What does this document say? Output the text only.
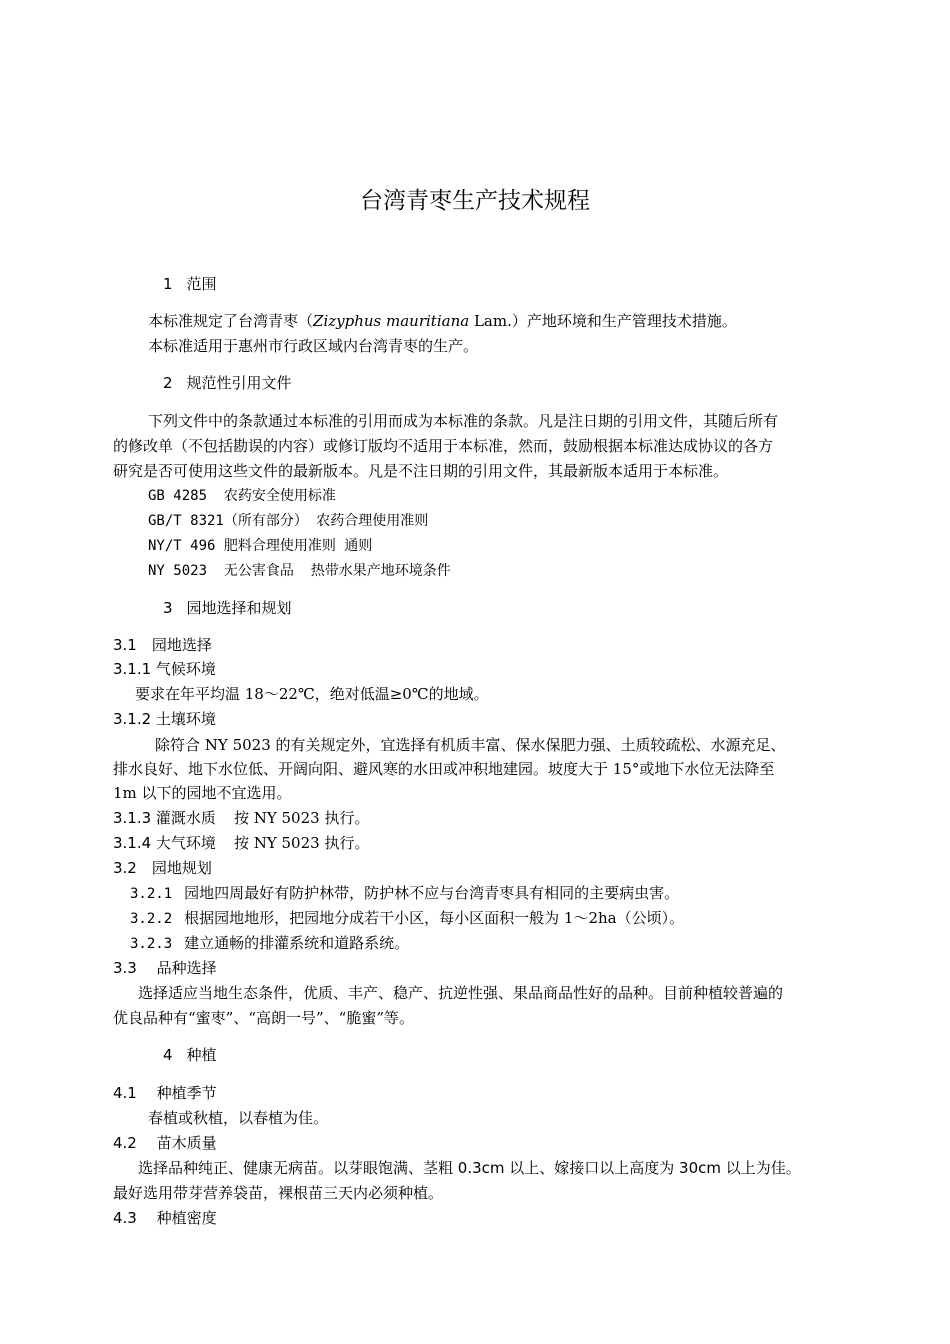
台湾青枣生产技术规程
1 范围
本标准规定了台湾青枣（Zizyphus mauritiana Lam.）产地环境和生产管理技术措施。
本标准适用于惠州市行政区域内台湾青枣的生产。
2 规范性引用文件
下列文件中的条款通过本标准的引用而成为本标准的条款。凡是注日期的引用文件，其随后所有
的修改单（不包括勘误的内容）或修订版均不适用于本标准，然而，鼓励根据本标准达成协议的各方
研究是否可使用这些文件的最新版本。凡是不注日期的引用文件，其最新版本适用于本标准。
GB 4285  农药安全使用标准
GB/T 8321（所有部分） 农药合理使用准则
NY/T 496 肥料合理使用准则 通则
NY 5023  无公害食品  热带水果产地环境条件
3 园地选择和规划
3.1　园地选择
3.1.1 气候环境
要求在年平均温 18～22℃，绝对低温≥0℃的地域。
3.1.2 土壤环境
除符合 NY 5023 的有关规定外，宜选择有机质丰富、保水保肥力强、土质较疏松、水源充足、
排水良好、地下水位低、开阔向阳、避风寒的水田或冲积地建园。坡度大于 15°或地下水位无法降至
1m 以下的园地不宜选用。
3.1.3 灌溉水质 按 NY 5023 执行。
3.1.4 大气环境 按 NY 5023 执行。
3.2　园地规划
3.2.1 园地四周最好有防护林带，防护林不应与台湾青枣具有相同的主要病虫害。
3.2.2 根据园地地形，把园地分成若干小区，每小区面积一般为 1～2ha（公顷）。
3.2.3 建立通畅的排灌系统和道路系统。
3.3　 品种选择
选择适应当地生态条件，优质、丰产、稳产、抗逆性强、果品商品性好的品种。目前种植较普遍的
优良品种有“蜜枣”、“高朗一号”、“脆蜜”等。
4 种植
4.1　 种植季节
春植或秋植，以春植为佳。
4.2　 苗木质量
选择品种纯正、健康无病苗。以芽眼饱满、茎粗 0.3cm 以上、嫁接口以上高度为 30cm 以上为佳。
最好选用带芽营养袋苗，裸根苗三天内必须种植。
4.3　 种植密度
